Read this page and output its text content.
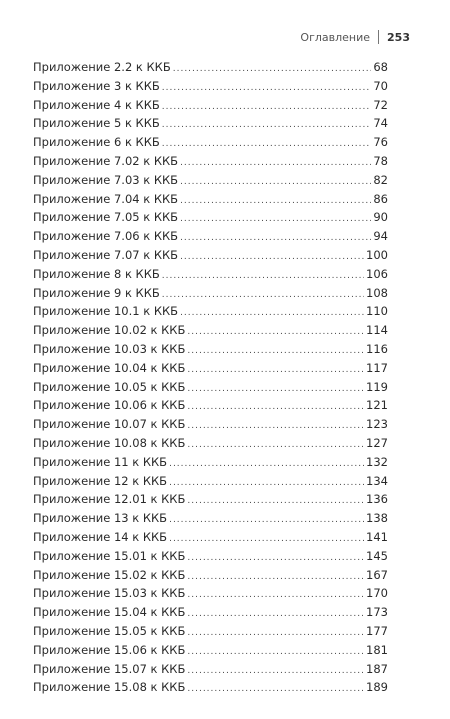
Оглавление 253
Приложение 2.2 к ККБ .....	68
Приложение 3 к ККБ .....	70
Приложение 4 к ККБ .....	72
Приложение 5 к ККБ .....	74
Приложение 6 к ККБ .....	76
Приложение 7.02 к ККБ .....	78
Приложение 7.03 к ККБ .....	82
Приложение 7.04 к ККБ .....	86
Приложение 7.05 к ККБ .....	90
Приложение 7.06 к ККБ .....	94
Приложение 7.07 к ККБ .....	100
Приложение 8 к ККБ .....	106
Приложение 9 к ККБ .....	108
Приложение 10.1 к ККБ .....	110
Приложение 10.02 к ККБ .....	114
Приложение 10.03 к ККБ .....	116
Приложение 10.04 к ККБ .....	117
Приложение 10.05 к ККБ .....	119
Приложение 10.06 к ККБ .....	121
Приложение 10.07 к ККБ .....	123
Приложение 10.08 к ККБ .....	127
Приложение 11 к ККБ .....	132
Приложение 12 к ККБ .....	134
Приложение 12.01 к ККБ .....	136
Приложение 13 к ККБ .....	138
Приложение 14 к ККБ .....	141
Приложение 15.01 к ККБ .....	145
Приложение 15.02 к ККБ .....	167
Приложение 15.03 к ККБ .....	170
Приложение 15.04 к ККБ .....	173
Приложение 15.05 к ККБ .....	177
Приложение 15.06 к ККБ .....	181
Приложение 15.07 к ККБ .....	187
Приложение 15.08 к ККБ .....	189
